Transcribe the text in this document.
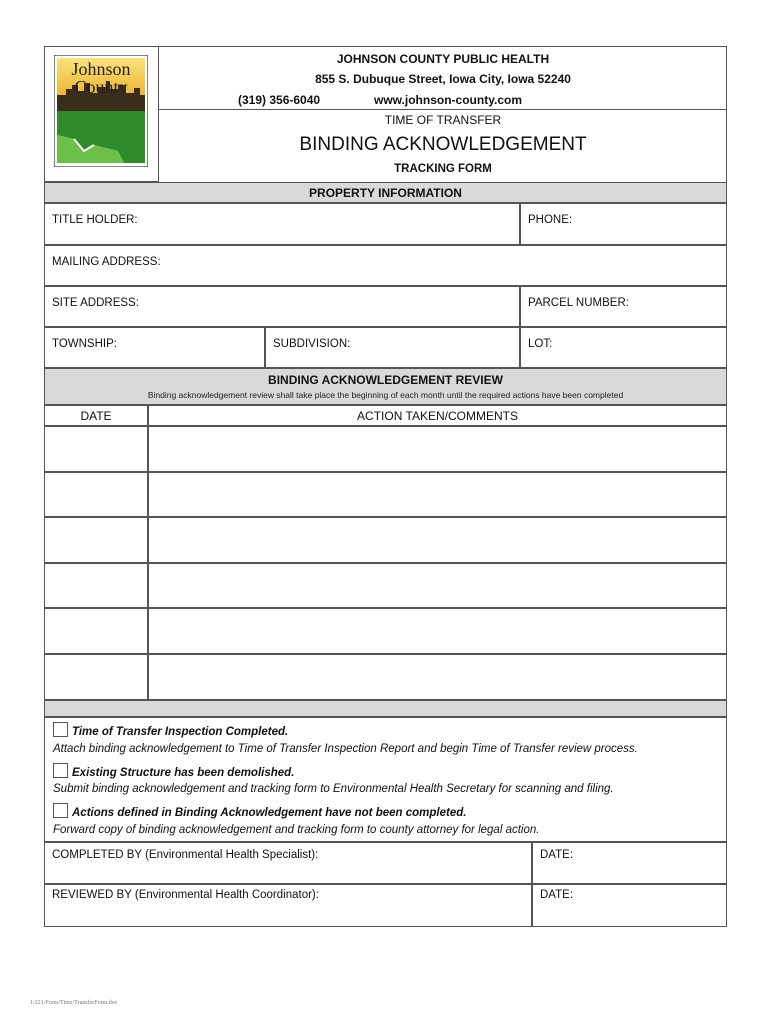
Johnson
County
JOHNSON COUNTY PUBLIC HEALTH
855 S. Dubuque Street, Iowa City, Iowa 52240
(319) 356-6040	www.johnson-county.com
TIME OF TRANSFER
BINDING ACKNOWLEDGEMENT
TRACKING FORM
PROPERTY INFORMATION
TITLE HOLDER:	PHONE:
MAILING ADDRESS:
SITE ADDRESS:	PARCEL NUMBER:
TOWNSHIP:	SUBDIVISION:	LOT:
BINDING ACKNOWLEDGEMENT REVIEW
Binding acknowledgement review shall take place the beginning of each month until the required actions have been completed
DATE	ACTION TAKEN/COMMENTS
Time of Transfer Inspection Completed.
Attach binding acknowledgement to Time of Transfer Inspection Report and begin Time of Transfer review process.
Existing Structure has been demolished.
Submit binding acknowledgement and tracking form to Environmental Health Secretary for scanning and filing.
Actions defined in Binding Acknowledgement have not been completed.
Forward copy of binding acknowledgement and tracking form to county attorney for legal action.
COMPLETED BY (Environmental Health Specialist):	DATE:
REVIEWED BY (Environmental Health Coordinator):	DATE:
1/221/Form/Time/TransferForm.doc
